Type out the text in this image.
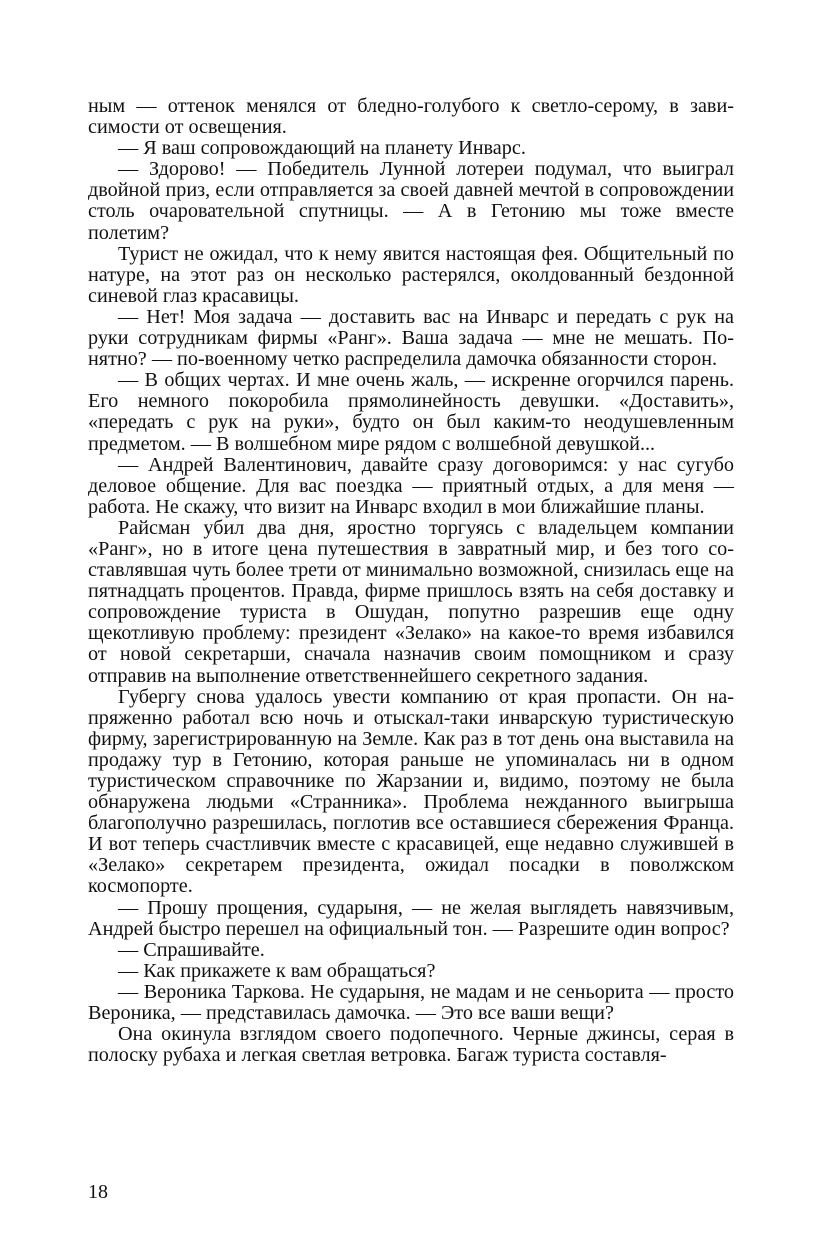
ным — оттенок менялся от бледно-голубого к светло-серому, в зависимости от освещения.

— Я ваш сопровождающий на планету Инварс.

— Здорово! — Победитель Лунной лотереи подумал, что выиграл двойной приз, если отправляется за своей давней мечтой в сопровождении столь очаровательной спутницы. — А в Гетонию мы тоже вместе полетим?

Турист не ожидал, что к нему явится настоящая фея. Общительный по натуре, на этот раз он несколько растерялся, околдованный бездонной синевой глаз красавицы.

— Нет! Моя задача — доставить вас на Инварс и передать с рук на руки сотрудникам фирмы «Ранг». Ваша задача — мне не мешать. Понятно? — по-военному четко распределила дамочка обязанности сторон.

— В общих чертах. И мне очень жаль, — искренне огорчился парень. Его немного покоробила прямолинейность девушки. «Доставить», «передать с рук на руки», будто он был каким-то неодушевленным предметом. — В волшебном мире рядом с волшебной девушкой...

— Андрей Валентинович, давайте сразу договоримся: у нас сугубо деловое общение. Для вас поездка — приятный отдых, а для меня — работа. Не скажу, что визит на Инварс входил в мои ближайшие планы.

Райсман убил два дня, яростно торгуясь с владельцем компании «Ранг», но в итоге цена путешествия в завратный мир, и без того составлявшая чуть более трети от минимально возможной, снизилась еще на пятнадцать процентов. Правда, фирме пришлось взять на себя доставку и сопровождение туриста в Ошудан, попутно разрешив еще одну щекотливую проблему: президент «Зелако» на какое-то время избавился от новой секретарши, сначала назначив своим помощником и сразу отправив на выполнение ответственнейшего секретного задания.

Губергу снова удалось увести компанию от края пропасти. Он напряженно работал всю ночь и отыскал-таки инварскую туристическую фирму, зарегистрированную на Земле. Как раз в тот день она выставила на продажу тур в Гетонию, которая раньше не упоминалась ни в одном туристическом справочнике по Жарзании и, видимо, поэтому не была обнаружена людьми «Странника». Проблема нежданного выигрыша благополучно разрешилась, поглотив все оставшиеся сбережения Франца. И вот теперь счастливчик вместе с красавицей, еще недавно служившей в «Зелако» секретарем президента, ожидал посадки в поволжском космопорте.

— Прошу прощения, сударыня, — не желая выглядеть навязчивым, Андрей быстро перешел на официальный тон. — Разрешите один вопрос?

— Спрашивайте.

— Как прикажете к вам обращаться?

— Вероника Таркова. Не сударыня, не мадам и не сеньорита — просто Вероника, — представилась дамочка. — Это все ваши вещи?

Она окинула взглядом своего подопечного. Черные джинсы, серая в полоску рубаха и легкая светлая ветровка. Багаж туриста составля-

18
